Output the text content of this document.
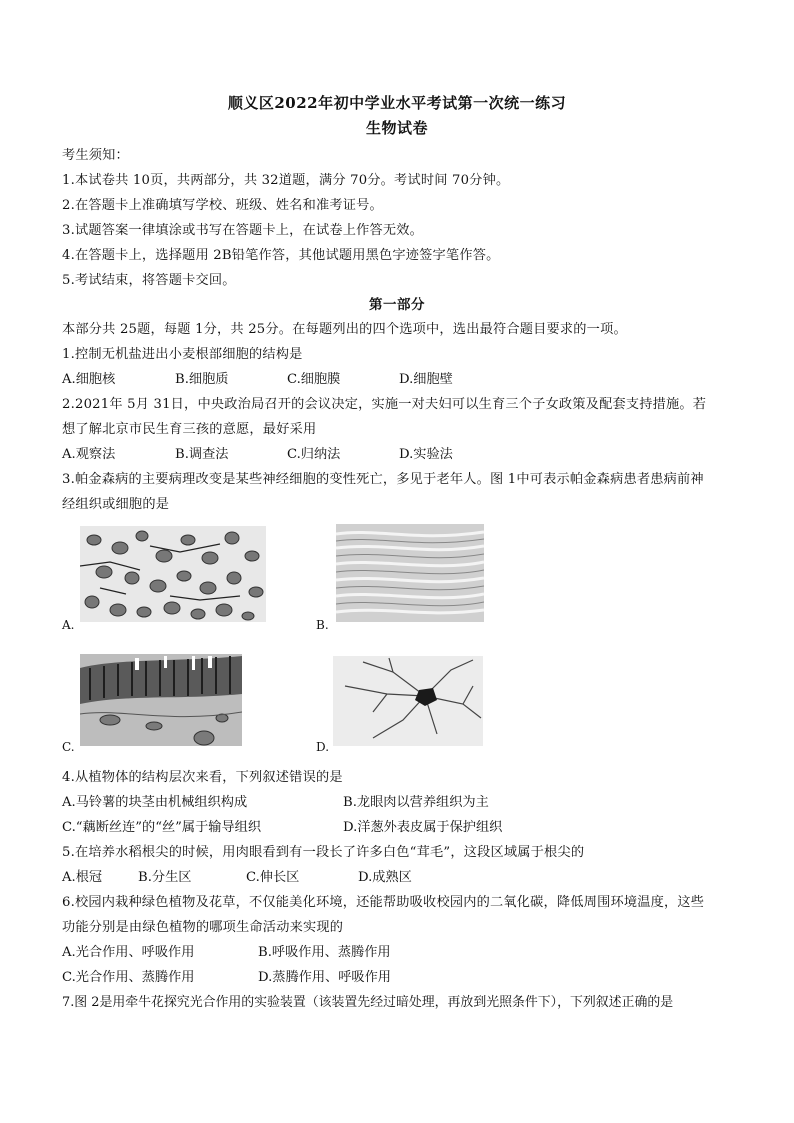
顺义区2022年初中学业水平考试第一次统一练习
生物试卷
考生须知：
1.本试卷共 10页，共两部分，共 32道题，满分 70分。考试时间 70分钟。
2.在答题卡上准确填写学校、班级、姓名和准考证号。
3.试题答案一律填涂或书写在答题卡上，在试卷上作答无效。
4.在答题卡上，选择题用 2B铅笔作答，其他试题用黑色字迹签字笔作答。
5.考试结束，将答题卡交回。
第一部分
本部分共 25题，每题 1分，共 25分。在每题列出的四个选项中，选出最符合题目要求的一项。
1.控制无机盐进出小麦根部细胞的结构是
A.细胞核	B.细胞质	C.细胞膜	D.细胞壁
2.2021年 5月 31日，中央政治局召开的会议决定，实施一对夫妇可以生育三个子女政策及配套支持措施。若
想了解北京市民生育三孩的意愿，最好采用
A.观察法	B.调查法	C.归纳法	D.实验法
3.帕金森病的主要病理改变是某些神经细胞的变性死亡，多见于老年人。图 1中可表示帕金森病患者患病前神
经组织或细胞的是
A.	B.
C.	D.
4.从植物体的结构层次来看，下列叙述错误的是
A.马铃薯的块茎由机械组织构成	B.龙眼肉以营养组织为主
C.“藕断丝连”的“丝”属于输导组织	D.洋葱外表皮属于保护组织
5.在培养水稻根尖的时候，用肉眼看到有一段长了许多白色“茸毛”，这段区域属于根尖的
A.根冠	B.分生区	C.伸长区	D.成熟区
6.校园内栽种绿色植物及花草，不仅能美化环境，还能帮助吸收校园内的二氧化碳，降低周围环境温度，这些
功能分别是由绿色植物的哪项生命活动来实现的
A.光合作用、呼吸作用	B.呼吸作用、蒸腾作用
C.光合作用、蒸腾作用	D.蒸腾作用、呼吸作用
7.图 2是用牵牛花探究光合作用的实验装置（该装置先经过暗处理，再放到光照条件下），下列叙述正确的是
